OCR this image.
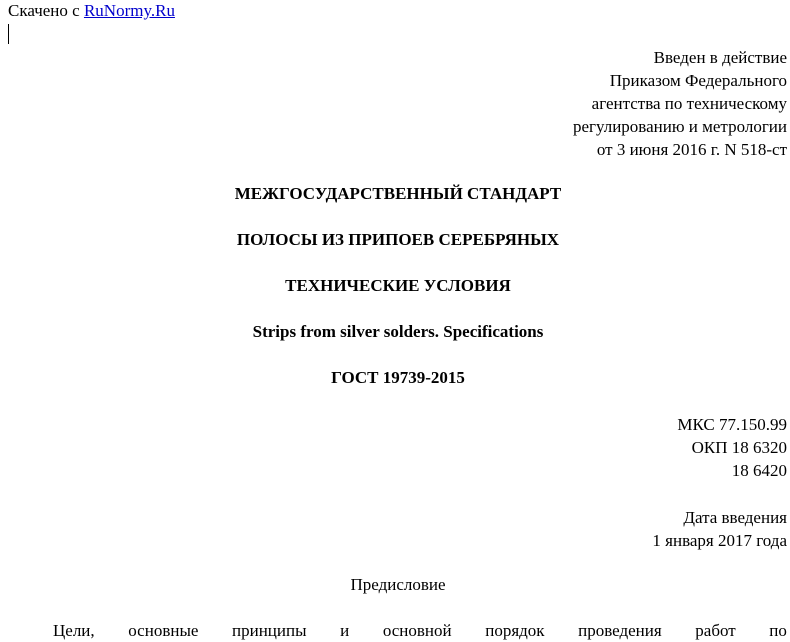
Скачено с RuNormy.Ru
Введен в действие
Приказом Федерального
агентства по техническому
регулированию и метрологии
от 3 июня 2016 г. N 518-ст
МЕЖГОСУДАРСТВЕННЫЙ СТАНДАРТ
ПОЛОСЫ ИЗ ПРИПОЕВ СЕРЕБРЯНЫХ
ТЕХНИЧЕСКИЕ УСЛОВИЯ
Strips from silver solders. Specifications
ГОСТ 19739-2015
МКС 77.150.99
ОКП 18 6320
18 6420
Дата введения
1 января 2017 года
Предисловие
Цели, основные принципы и основной порядок проведения работ по
